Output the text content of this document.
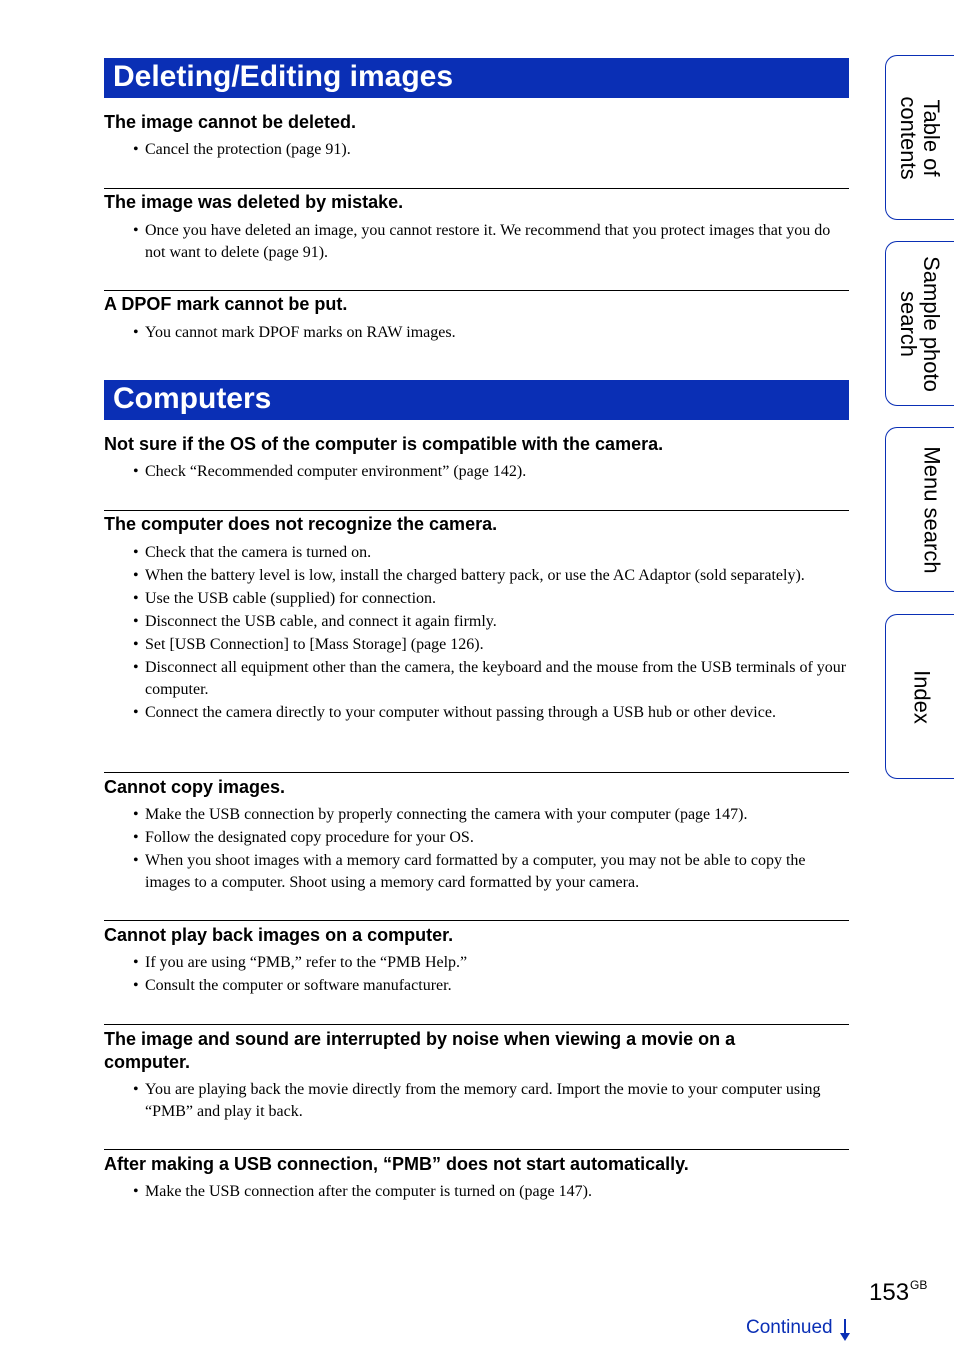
Deleting/Editing images
The image cannot be deleted.
• Cancel the protection (page 91).
The image was deleted by mistake.
• Once you have deleted an image, you cannot restore it. We recommend that you protect images that you do not want to delete (page 91).
A DPOF mark cannot be put.
• You cannot mark DPOF marks on RAW images.
Computers
Not sure if the OS of the computer is compatible with the camera.
• Check “Recommended computer environment” (page 142).
The computer does not recognize the camera.
• Check that the camera is turned on.
• When the battery level is low, install the charged battery pack, or use the AC Adaptor (sold separately).
• Use the USB cable (supplied) for connection.
• Disconnect the USB cable, and connect it again firmly.
• Set [USB Connection] to [Mass Storage] (page 126).
• Disconnect all equipment other than the camera, the keyboard and the mouse from the USB terminals of your computer.
• Connect the camera directly to your computer without passing through a USB hub or other device.
Cannot copy images.
• Make the USB connection by properly connecting the camera with your computer (page 147).
• Follow the designated copy procedure for your OS.
• When you shoot images with a memory card formatted by a computer, you may not be able to copy the images to a computer. Shoot using a memory card formatted by your camera.
Cannot play back images on a computer.
• If you are using “PMB,” refer to the “PMB Help.”
• Consult the computer or software manufacturer.
The image and sound are interrupted by noise when viewing a movie on a computer.
• You are playing back the movie directly from the memory card. Import the movie to your computer using “PMB” and play it back.
After making a USB connection, “PMB” does not start automatically.
• Make the USB connection after the computer is turned on (page 147).
Table of
contents
Sample photo
search
Menu search
Index
$153^{GB}$
Continued
